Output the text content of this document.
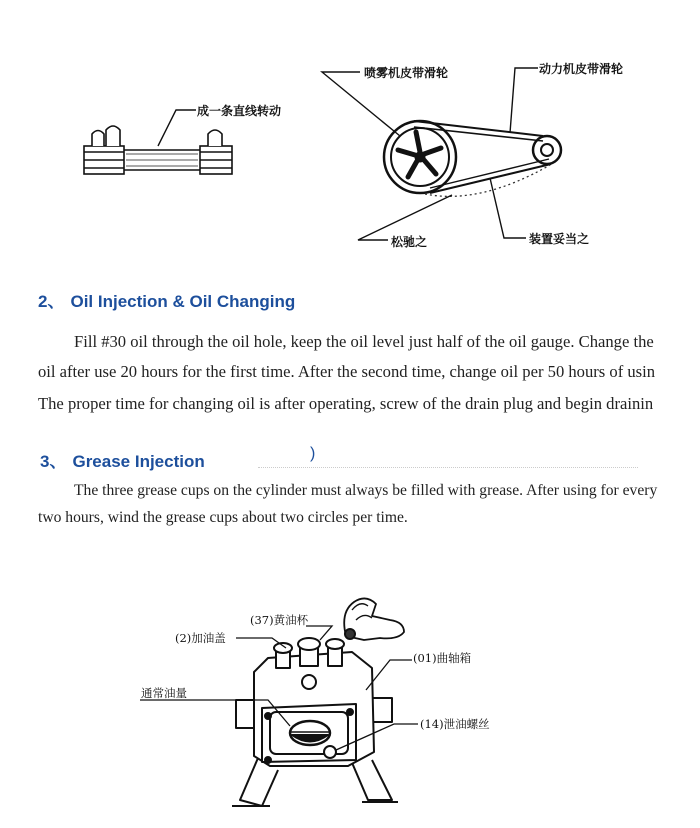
成一条直线转动
喷雾机皮带滑轮	动力机皮带滑轮
松驰之	装置妥当之
2、 Oil Injection & Oil Changing
Fill #30 oil through the oil hole, keep the oil level just half of the oil gauge. Change the
oil after use 20 hours for the first time. After the second time, change oil per 50 hours of usin
The proper time for changing oil is after operating, screw of the drain plug and begin drainin
3、 Grease Injection	)
The three grease cups on the cylinder must always be filled with grease. After using for every
two hours, wind the grease cups about two circles per time.
(37)黄油杯
(2)加油盖
(01)曲轴箱
通常油量
(14)泄油螺丝
